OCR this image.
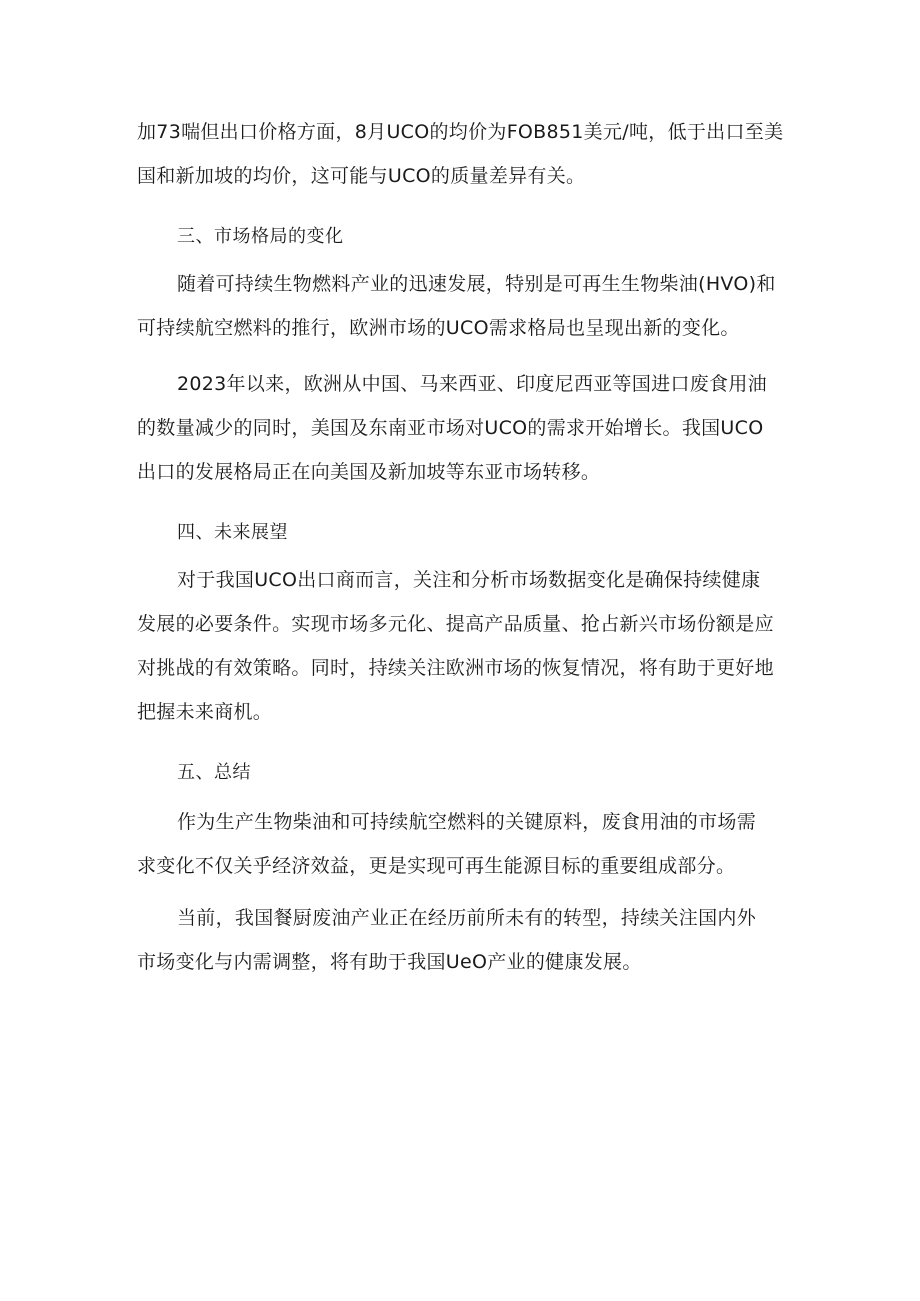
加73喘但出口价格方面，8月UCO的均价为FOB851美元/吨，低于出口至美
国和新加坡的均价，这可能与UCO的质量差异有关。
三、市场格局的变化
随着可持续生物燃料产业的迅速发展，特别是可再生生物柴油(HVO)和
可持续航空燃料的推行，欧洲市场的UCO需求格局也呈现出新的变化。
2023年以来，欧洲从中国、马来西亚、印度尼西亚等国进口废食用油
的数量减少的同时，美国及东南亚市场对UCO的需求开始增长。我国UCO
出口的发展格局正在向美国及新加坡等东亚市场转移。
四、未来展望
对于我国UCO出口商而言，关注和分析市场数据变化是确保持续健康
发展的必要条件。实现市场多元化、提高产品质量、抢占新兴市场份额是应
对挑战的有效策略。同时，持续关注欧洲市场的恢复情况，将有助于更好地
把握未来商机。
五、总结
作为生产生物柴油和可持续航空燃料的关键原料，废食用油的市场需
求变化不仅关乎经济效益，更是实现可再生能源目标的重要组成部分。
当前，我国餐厨废油产业正在经历前所未有的转型，持续关注国内外
市场变化与内需调整，将有助于我国UeO产业的健康发展。
